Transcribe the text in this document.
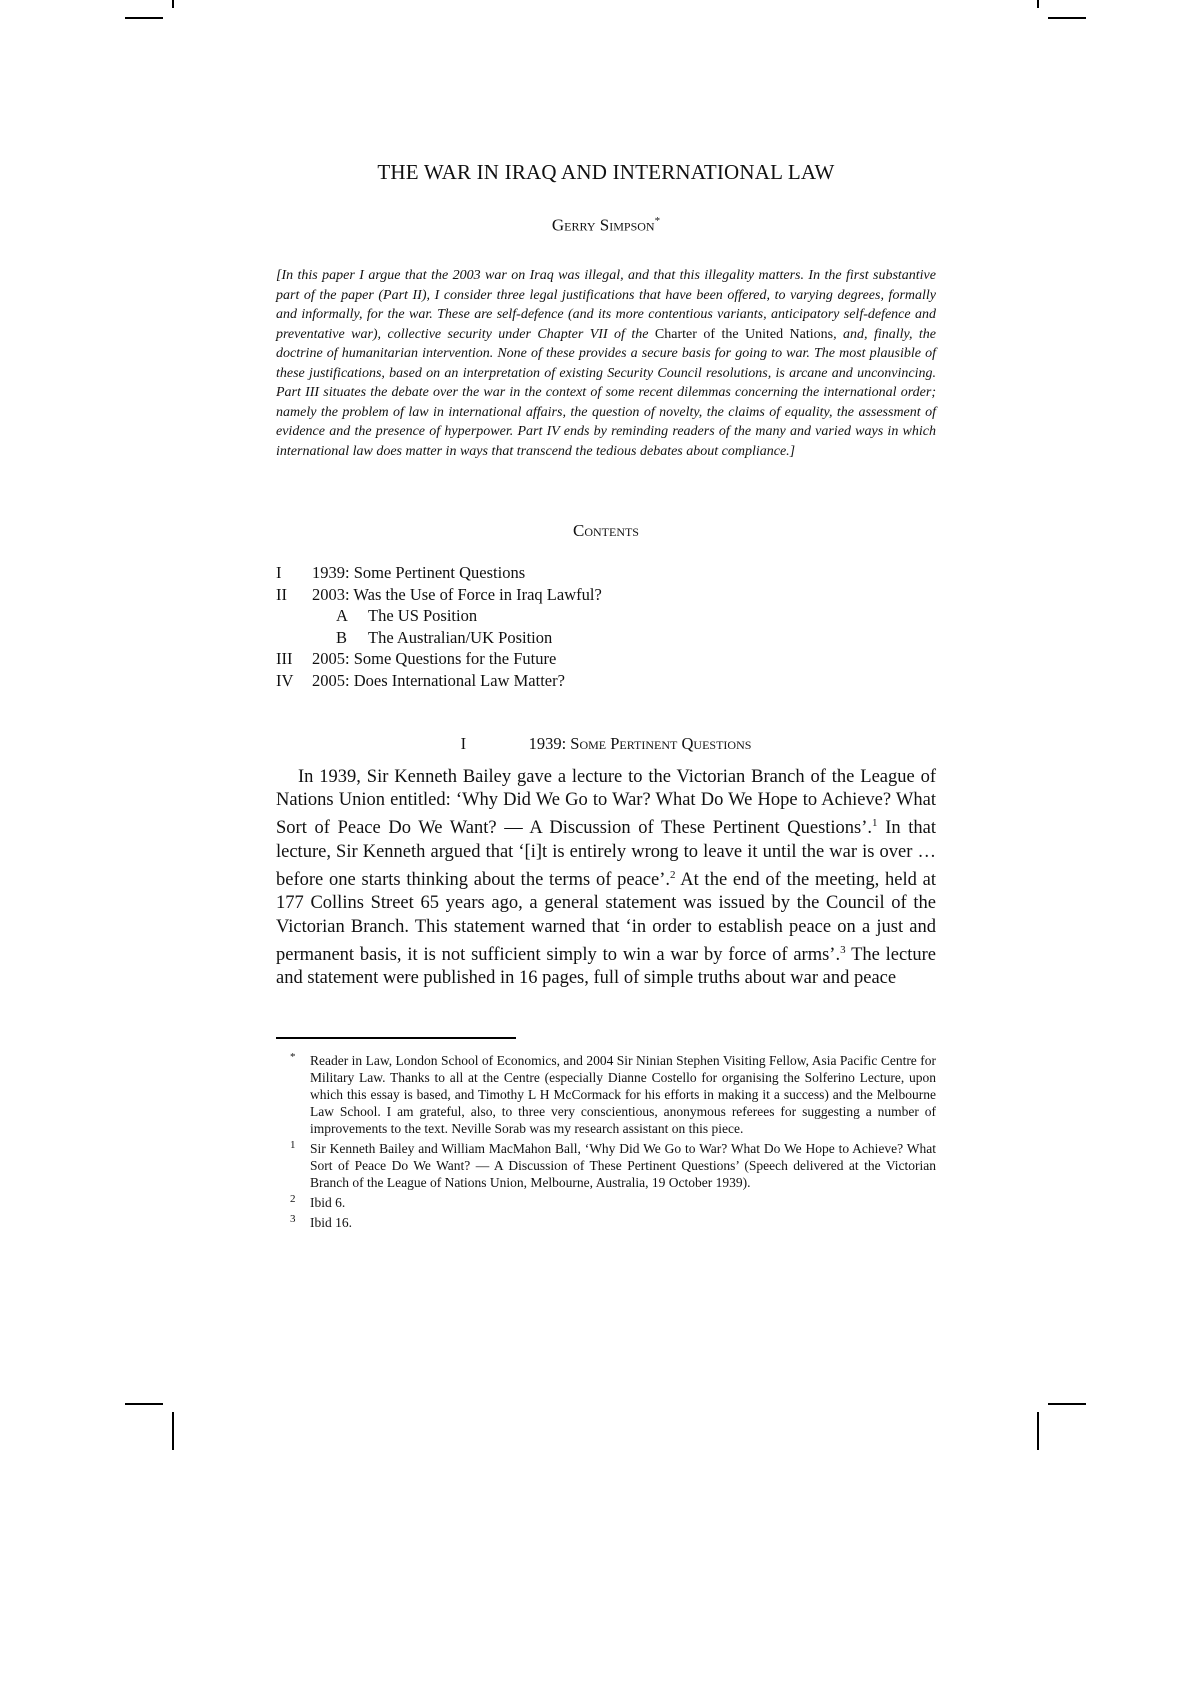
THE WAR IN IRAQ AND INTERNATIONAL LAW
Gerry Simpson*
[In this paper I argue that the 2003 war on Iraq was illegal, and that this illegality matters. In the first substantive part of the paper (Part II), I consider three legal justifications that have been offered, to varying degrees, formally and informally, for the war. These are self-defence (and its more contentious variants, anticipatory self-defence and preventative war), collective security under Chapter VII of the Charter of the United Nations, and, finally, the doctrine of humanitarian intervention. None of these provides a secure basis for going to war. The most plausible of these justifications, based on an interpretation of existing Security Council resolutions, is arcane and unconvincing. Part III situates the debate over the war in the context of some recent dilemmas concerning the international order; namely the problem of law in international affairs, the question of novelty, the claims of equality, the assessment of evidence and the presence of hyperpower. Part IV ends by reminding readers of the many and varied ways in which international law does matter in ways that transcend the tedious debates about compliance.]
Contents
I 1939: Some Pertinent Questions
II 2003: Was the Use of Force in Iraq Lawful?
A The US Position
B The Australian/UK Position
III 2005: Some Questions for the Future
IV 2005: Does International Law Matter?
I	1939: Some Pertinent Questions
In 1939, Sir Kenneth Bailey gave a lecture to the Victorian Branch of the League of Nations Union entitled: ‘Why Did We Go to War? What Do We Hope to Achieve? What Sort of Peace Do We Want? — A Discussion of These Pertinent Questions’.$^1$ In that lecture, Sir Kenneth argued that ‘[i]t is entirely wrong to leave it until the war is over … before one starts thinking about the terms of peace’.$^2$ At the end of the meeting, held at 177 Collins Street 65 years ago, a general statement was issued by the Council of the Victorian Branch. This statement warned that ‘in order to establish peace on a just and permanent basis, it is not sufficient simply to win a war by force of arms’.$^3$ The lecture and statement were published in 16 pages, full of simple truths about war and peace
* Reader in Law, London School of Economics, and 2004 Sir Ninian Stephen Visiting Fellow, Asia Pacific Centre for Military Law. Thanks to all at the Centre (especially Dianne Costello for organising the Solferino Lecture, upon which this essay is based, and Timothy L H McCormack for his efforts in making it a success) and the Melbourne Law School. I am grateful, also, to three very conscientious, anonymous referees for suggesting a number of improvements to the text. Neville Sorab was my research assistant on this piece.
1 Sir Kenneth Bailey and William MacMahon Ball, ‘Why Did We Go to War? What Do We Hope to Achieve? What Sort of Peace Do We Want? — A Discussion of These Pertinent Questions’ (Speech delivered at the Victorian Branch of the League of Nations Union, Melbourne, Australia, 19 October 1939).
2 Ibid 6.
3 Ibid 16.
